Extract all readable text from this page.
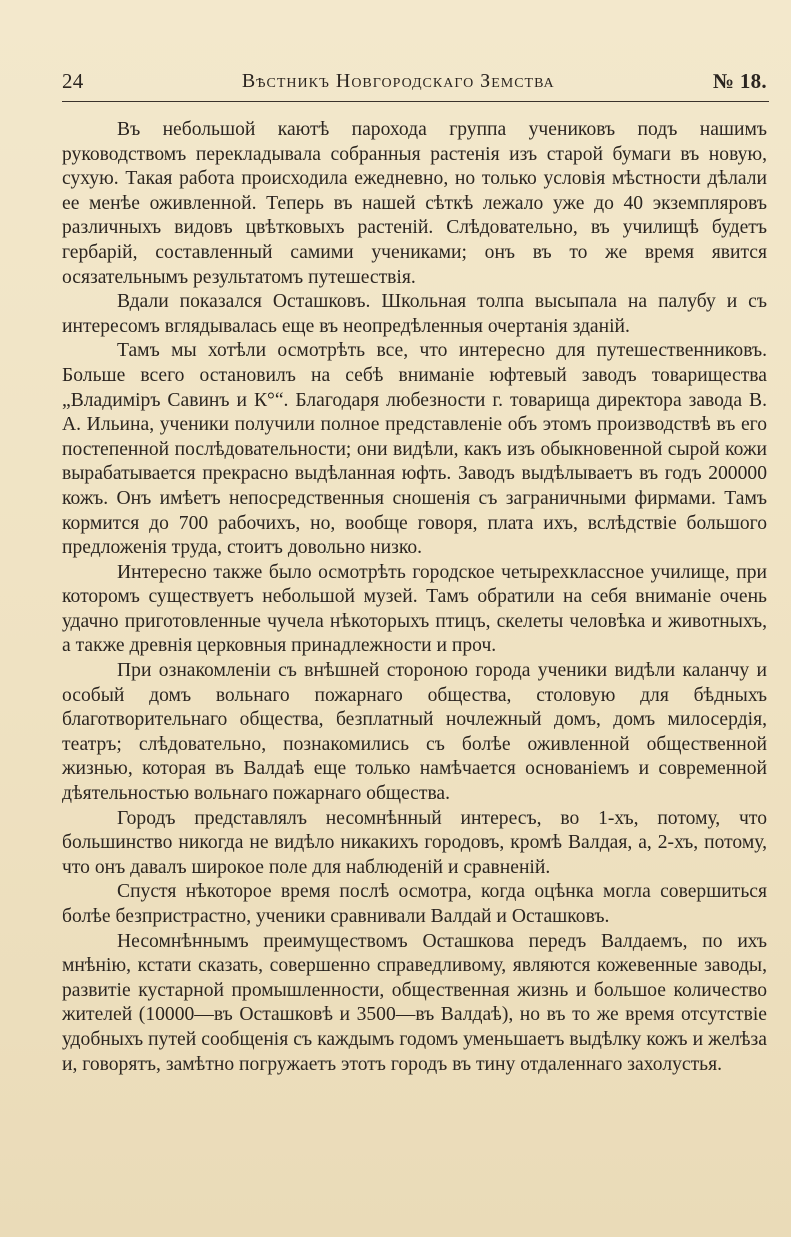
24	Вѣстникъ Новгородскаго Земства	№ 18.

Въ небольшой каютѣ парохода группа учениковъ подъ нашимъ руководствомъ перекладывала собранныя растенія изъ старой бумаги въ новую, сухую. Такая работа происходила ежедневно, но только условія мѣстности дѣлали ее менѣе оживленной. Теперь въ нашей сѣткѣ лежало уже до 40 экземпляровъ различныхъ видовъ цвѣтковыхъ растеній. Слѣдовательно, въ училищѣ будетъ гербарій, составленный самими учениками; онъ въ то же время явится осязательнымъ результатомъ путешествія.

Вдали показался Осташковъ. Школьная толпа высыпала на палубу и съ интересомъ вглядывалась еще въ неопредѣленныя очертанія зданій.

Тамъ мы хотѣли осмотрѣть все, что интересно для путешественниковъ. Больше всего остановилъ на себѣ вниманіе юфтевый заводъ товарищества „Владиміръ Савинъ и К°“. Благодаря любезности г. товарища директора завода В. А. Ильина, ученики получили полное представленіе объ этомъ производствѣ въ его постепенной послѣдовательности; они видѣли, какъ изъ обыкновенной сырой кожи вырабатывается прекрасно выдѣланная юфть. Заводъ выдѣлываетъ въ годъ 200000 кожъ. Онъ имѣетъ непосредственныя сношенія съ заграничными фирмами. Тамъ кормится до 700 рабочихъ, но, вообще говоря, плата ихъ, вслѣдствіе большого предложенія труда, стоитъ довольно низко.

Интересно также было осмотрѣть городское четырехклассное училище, при которомъ существуетъ небольшой музей. Тамъ обратили на себя вниманіе очень удачно приготовленные чучела нѣкоторыхъ птицъ, скелеты человѣка и животныхъ, а также древнія церковныя принадлежности и проч.

При ознакомленіи съ внѣшней стороною города ученики видѣли каланчу и особый домъ вольнаго пожарнаго общества, столовую для бѣдныхъ благотворительнаго общества, безплатный ночлежный домъ, домъ милосердія, театръ; слѣдовательно, познакомились съ болѣе оживленной общественной жизнью, которая въ Валдаѣ еще только намѣчается основаніемъ и современной дѣятельностью вольнаго пожарнаго общества.

Городъ представлялъ несомнѣнный интересъ, во 1-хъ, потому, что большинство никогда не видѣло никакихъ городовъ, кромѣ Валдая, а, 2-хъ, потому, что онъ давалъ широкое поле для наблюденій и сравненій.

Спустя нѣкоторое время послѣ осмотра, когда оцѣнка могла совершиться болѣе безпристрастно, ученики сравнивали Валдай и Осташковъ.

Несомнѣннымъ преимуществомъ Осташкова передъ Валдаемъ, по ихъ мнѣнію, кстати сказать, совершенно справедливому, являются кожевенные заводы, развитіе кустарной промышленности, общественная жизнь и большое количество жителей (10000—въ Осташковѣ и 3500—въ Валдаѣ), но въ то же время отсутствіе удобныхъ путей сообщенія съ каждымъ годомъ уменьшаетъ выдѣлку кожъ и желѣза и, говорятъ, замѣтно погружаетъ этотъ городъ въ тину отдаленнаго захолустья.
